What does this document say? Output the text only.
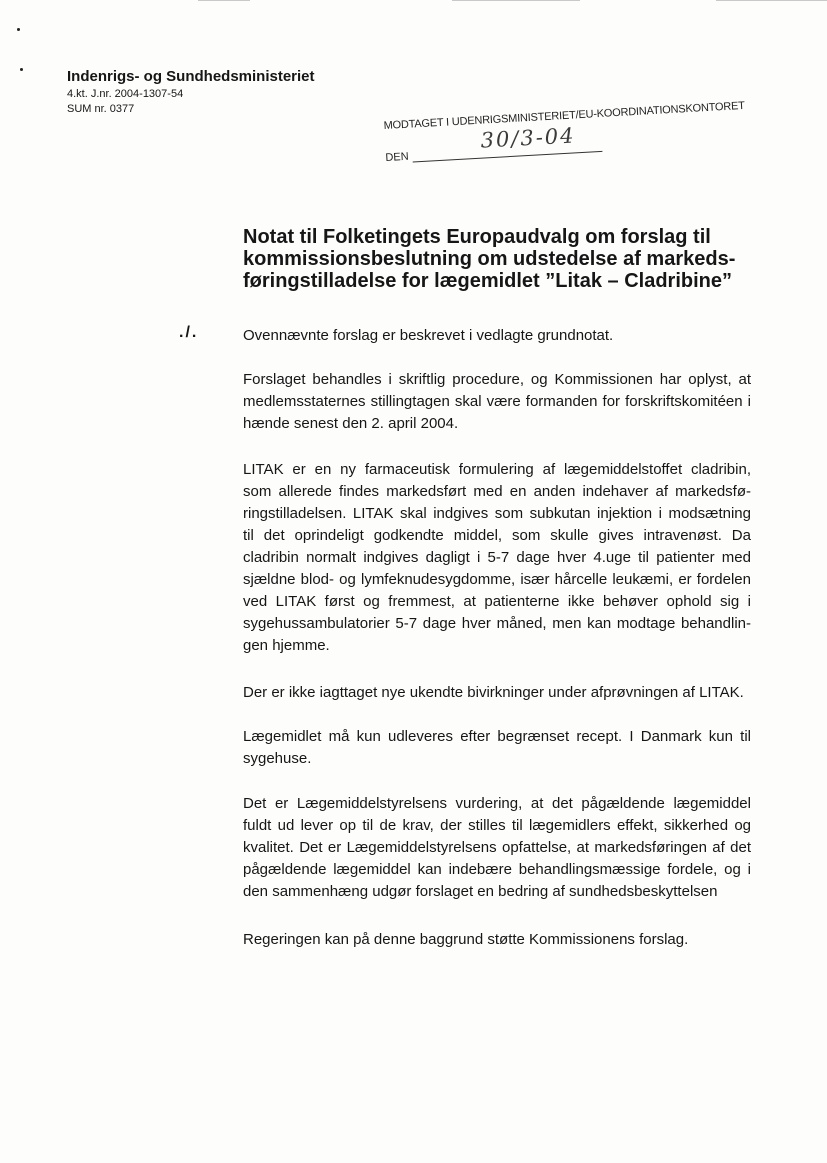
Indenrigs- og Sundhedsministeriet
4.kt. J.nr. 2004-1307-54
SUM nr. 0377	MODTAGET I UDENRIGSMINISTERIET/EU-KOORDINATIONSKONTORET
DEN
30/3-04
Notat til Folketingets Europaudvalg om forslag til
kommissionsbeslutning om udstedelse af markeds-
føringstilladelse for lægemidlet ”Litak – Cladribine”
./.	Ovennævnte forslag er beskrevet i vedlagte grundnotat.

Forslaget behandles i skriftlig procedure, og Kommissionen har oplyst, at
medlemsstaternes stillingtagen skal være formanden for forskriftskomitéen i
hænde senest den 2. april 2004.

LITAK er en ny farmaceutisk formulering af lægemiddelstoffet cladribin,
som allerede findes markedsført med en anden indehaver af markedsfø-
ringstilladelsen. LITAK skal indgives som subkutan injektion i modsætning
til det oprindeligt godkendte middel, som skulle gives intravenøst. Da
cladribin normalt indgives dagligt i 5-7 dage hver 4.uge til patienter med
sjældne blod- og lymfeknudesygdomme, især hårcelle leukæmi, er fordelen
ved LITAK først og fremmest, at patienterne ikke behøver ophold sig i
sygehussambulatorier 5-7 dage hver måned, men kan modtage behandlin-
gen hjemme.

Der er ikke iagttaget nye ukendte bivirkninger under afprøvningen af LITAK.

Lægemidlet må kun udleveres efter begrænset recept. I Danmark kun til
sygehuse.

Det er Lægemiddelstyrelsens vurdering, at det pågældende lægemiddel
fuldt ud lever op til de krav, der stilles til lægemidlers effekt, sikkerhed og
kvalitet. Det er Lægemiddelstyrelsens opfattelse, at markedsføringen af det
pågældende lægemiddel kan indebære behandlingsmæssige fordele, og i
den sammenhæng udgør forslaget en bedring af sundhedsbeskyttelsen

Regeringen kan på denne baggrund støtte Kommissionens forslag.
